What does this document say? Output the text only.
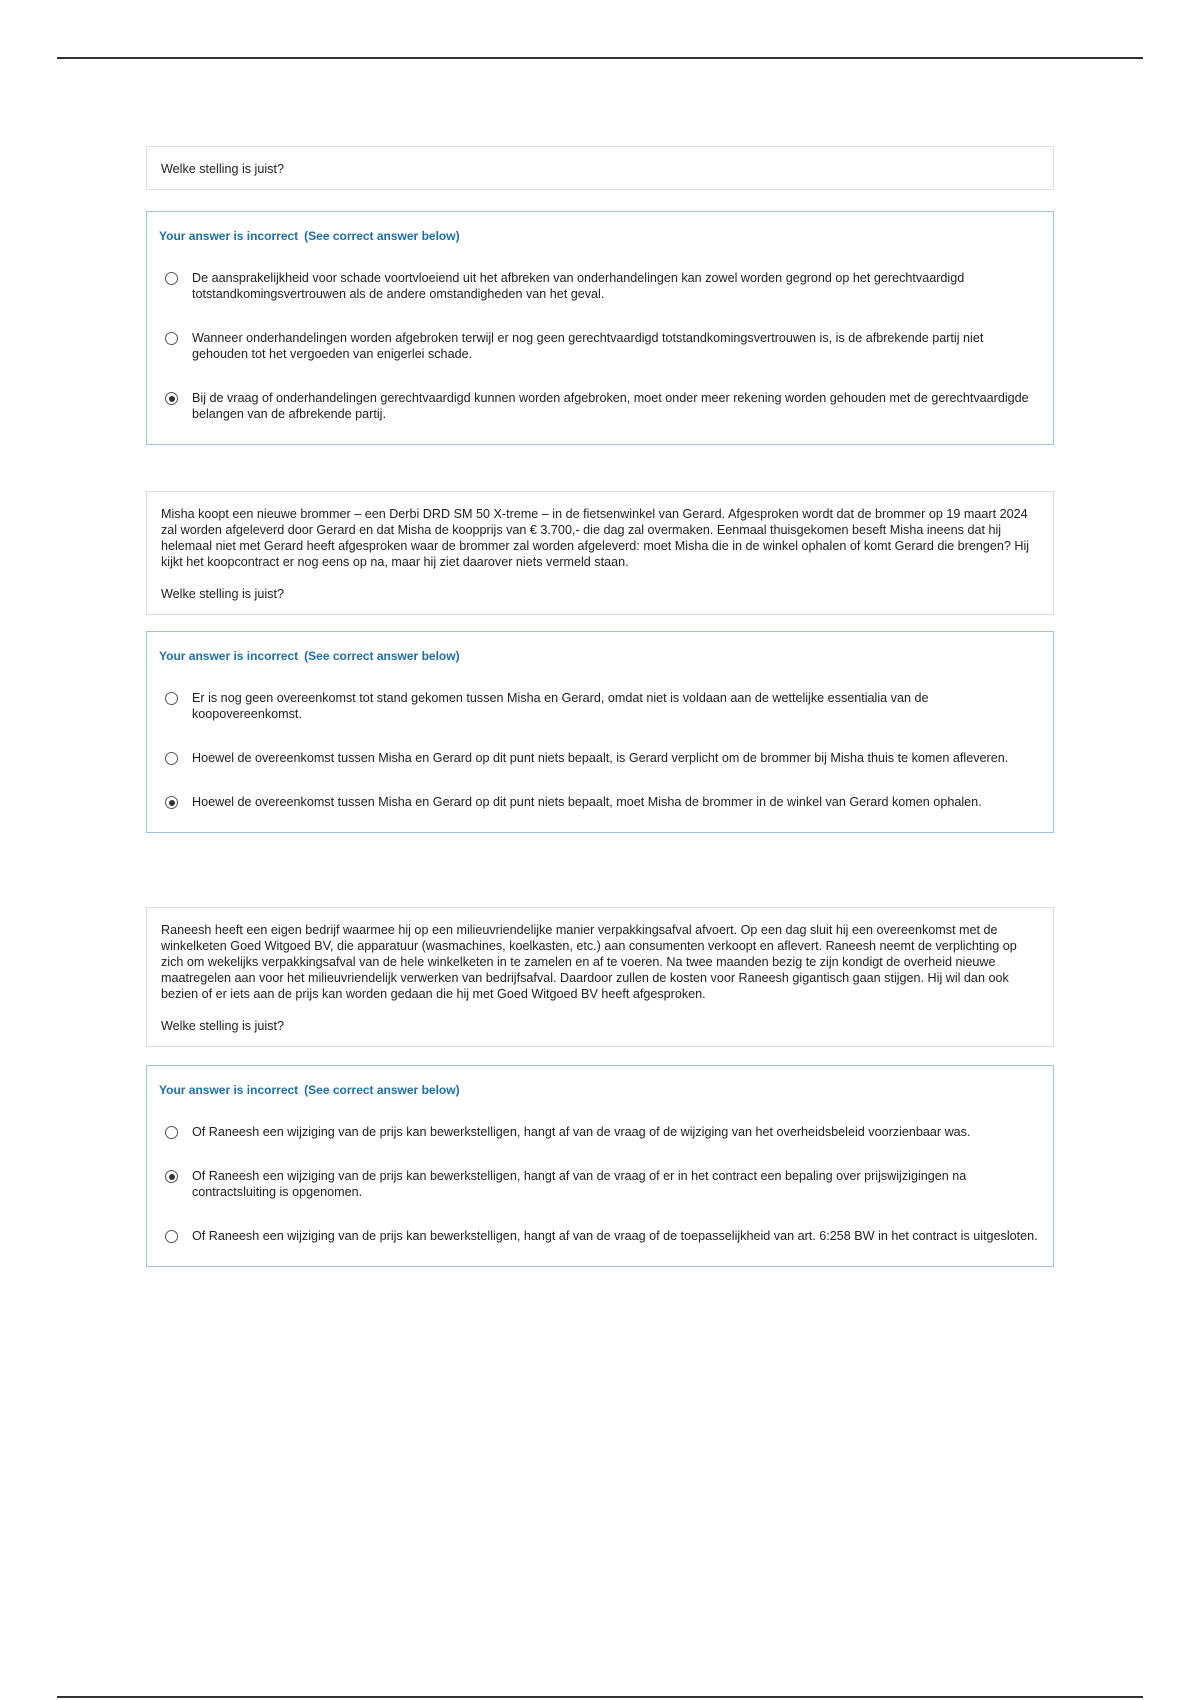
Welke stelling is juist?

Your answer is incorrect (See correct answer below)
De aansprakelijkheid voor schade voortvloeiend uit het afbreken van onderhandelingen kan zowel worden gegrond op het gerechtvaardigd totstandkomingsvertrouwen als de andere omstandigheden van het geval.
Wanneer onderhandelingen worden afgebroken terwijl er nog geen gerechtvaardigd totstandkomingsvertrouwen is, is de afbrekende partij niet gehouden tot het vergoeden van enigerlei schade.
Bij de vraag of onderhandelingen gerechtvaardigd kunnen worden afgebroken, moet onder meer rekening worden gehouden met de gerechtvaardigde belangen van de afbrekende partij.

Misha koopt een nieuwe brommer – een Derbi DRD SM 50 X-treme – in de fietsenwinkel van Gerard. Afgesproken wordt dat de brommer op 19 maart 2024 zal worden afgeleverd door Gerard en dat Misha de koopprijs van € 3.700,- die dag zal overmaken. Eenmaal thuisgekomen beseft Misha ineens dat hij helemaal niet met Gerard heeft afgesproken waar de brommer zal worden afgeleverd: moet Misha die in de winkel ophalen of komt Gerard die brengen? Hij kijkt het koopcontract er nog eens op na, maar hij ziet daarover niets vermeld staan.

Welke stelling is juist?

Your answer is incorrect (See correct answer below)
Er is nog geen overeenkomst tot stand gekomen tussen Misha en Gerard, omdat niet is voldaan aan de wettelijke essentialia van de koopovereenkomst.
Hoewel de overeenkomst tussen Misha en Gerard op dit punt niets bepaalt, is Gerard verplicht om de brommer bij Misha thuis te komen afleveren.
Hoewel de overeenkomst tussen Misha en Gerard op dit punt niets bepaalt, moet Misha de brommer in de winkel van Gerard komen ophalen.

Raneesh heeft een eigen bedrijf waarmee hij op een milieuvriendelijke manier verpakkingsafval afvoert. Op een dag sluit hij een overeenkomst met de winkelketen Goed Witgoed BV, die apparatuur (wasmachines, koelkasten, etc.) aan consumenten verkoopt en aflevert. Raneesh neemt de verplichting op zich om wekelijks verpakkingsafval van de hele winkelketen in te zamelen en af te voeren. Na twee maanden bezig te zijn kondigt de overheid nieuwe maatregelen aan voor het milieuvriendelijk verwerken van bedrijfsafval. Daardoor zullen de kosten voor Raneesh gigantisch gaan stijgen. Hij wil dan ook bezien of er iets aan de prijs kan worden gedaan die hij met Goed Witgoed BV heeft afgesproken.

Welke stelling is juist?

Your answer is incorrect (See correct answer below)
Of Raneesh een wijziging van de prijs kan bewerkstelligen, hangt af van de vraag of de wijziging van het overheidsbeleid voorzienbaar was.
Of Raneesh een wijziging van de prijs kan bewerkstelligen, hangt af van de vraag of er in het contract een bepaling over prijswijzigingen na contractsluiting is opgenomen.
Of Raneesh een wijziging van de prijs kan bewerkstelligen, hangt af van de vraag of de toepasselijkheid van art. 6:258 BW in het contract is uitgesloten.
